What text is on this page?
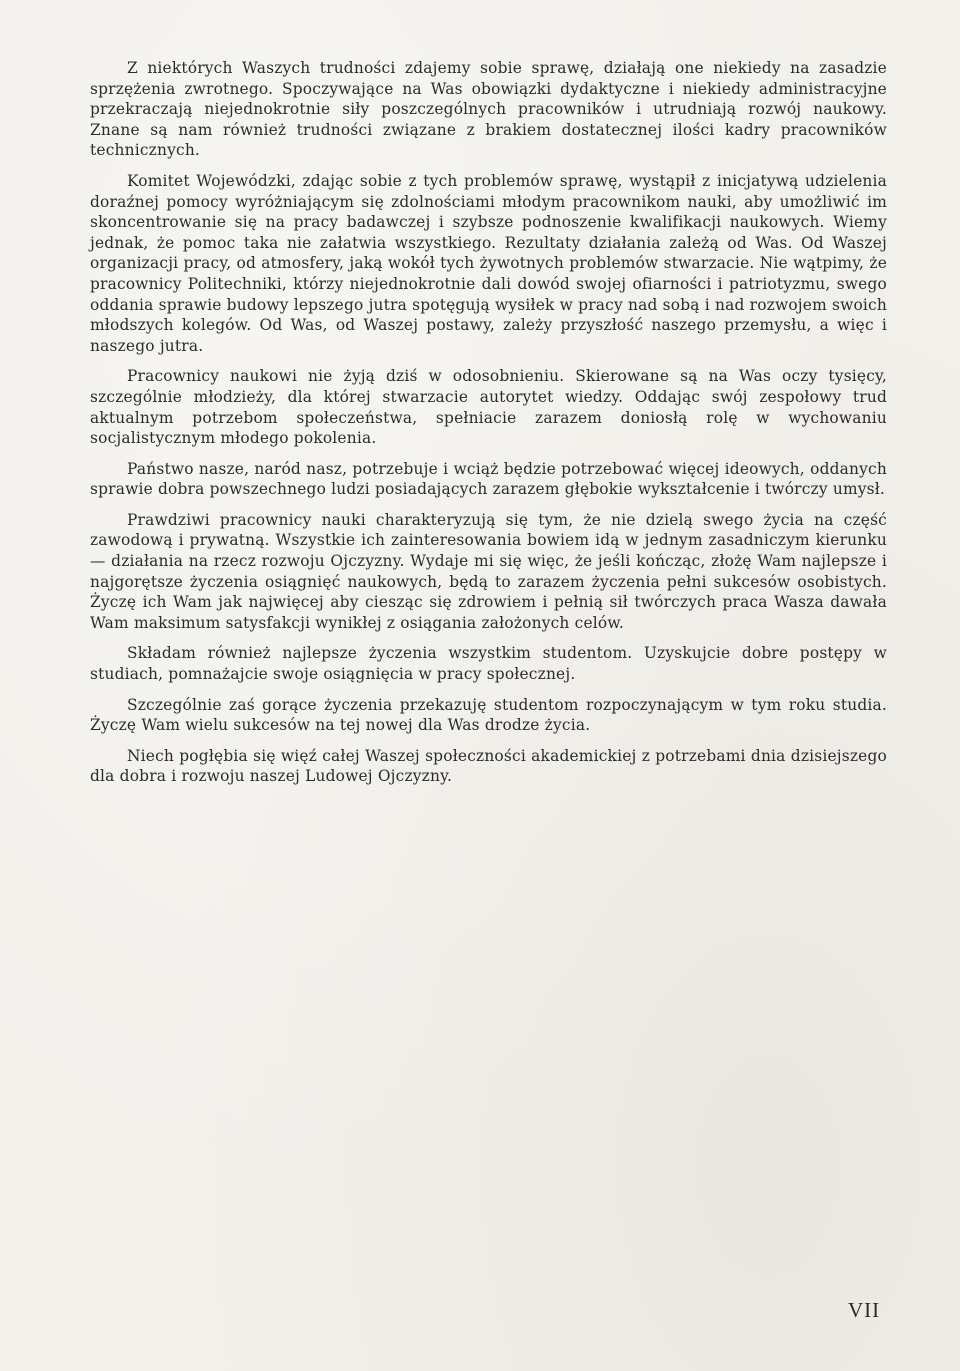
Z niektórych Waszych trudności zdajemy sobie sprawę, działają one niekiedy na zasadzie sprzężenia zwrotnego. Spoczywające na Was obowiązki dydaktyczne i niekiedy administracyjne przekraczają niejednokrotnie siły poszczególnych pracowników i utrudniają rozwój naukowy. Znane są nam również trudności związane z brakiem dostatecznej ilości kadry pracowników technicznych.

Komitet Wojewódzki, zdając sobie z tych problemów sprawę, wystąpił z inicjatywą udzielenia doraźnej pomocy wyróżniającym się zdolnościami młodym pracownikom nauki, aby umożliwić im skoncentrowanie się na pracy badawczej i szybsze podnoszenie kwalifikacji naukowych. Wiemy jednak, że pomoc taka nie załatwia wszystkiego. Rezultaty działania zależą od Was. Od Waszej organizacji pracy, od atmosfery, jaką wokół tych żywotnych problemów stwarzacie. Nie wątpimy, że pracownicy Politechniki, którzy niejednokrotnie dali dowód swojej ofiarności i patriotyzmu, swego oddania sprawie budowy lepszego jutra spotęgują wysiłek w pracy nad sobą i nad rozwojem swoich młodszych kolegów. Od Was, od Waszej postawy, zależy przyszłość naszego przemysłu, a więc i naszego jutra.

Pracownicy naukowi nie żyją dziś w odosobnieniu. Skierowane są na Was oczy tysięcy, szczególnie młodzieży, dla której stwarzacie autorytet wiedzy. Oddając swój zespołowy trud aktualnym potrzebom społeczeństwa, spełniacie zarazem doniosłą rolę w wychowaniu socjalistycznym młodego pokolenia.

Państwo nasze, naród nasz, potrzebuje i wciąż będzie potrzebować więcej ideowych, oddanych sprawie dobra powszechnego ludzi posiadających zarazem głębokie wykształcenie i twórczy umysł.

Prawdziwi pracownicy nauki charakteryzują się tym, że nie dzielą swego życia na część zawodową i prywatną. Wszystkie ich zainteresowania bowiem idą w jednym zasadniczym kierunku — działania na rzecz rozwoju Ojczyzny. Wydaje mi się więc, że jeśli kończąc, złożę Wam najlepsze i najgorętsze życzenia osiągnięć naukowych, będą to zarazem życzenia pełni sukcesów osobistych. Życzę ich Wam jak najwięcej aby ciesząc się zdrowiem i pełnią sił twórczych praca Wasza dawała Wam maksimum satysfakcji wynikłej z osiągania założonych celów.

Składam również najlepsze życzenia wszystkim studentom. Uzyskujcie dobre postępy w studiach, pomnażajcie swoje osiągnięcia w pracy społecznej.

Szczególnie zaś gorące życzenia przekazuję studentom rozpoczynającym w tym roku studia. Życzę Wam wielu sukcesów na tej nowej dla Was drodze życia.

Niech pogłębia się więź całej Waszej społeczności akademickiej z potrzebami dnia dzisiejszego dla dobra i rozwoju naszej Ludowej Ojczyzny.

VII
